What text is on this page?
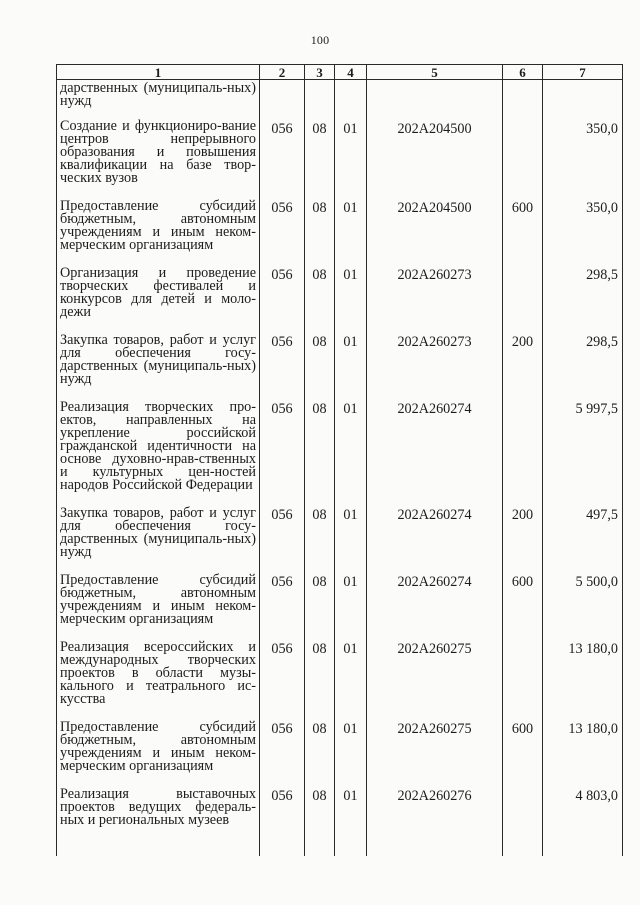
100
1	2	3	4	5	6	7
дарственных (муниципаль-ных) нужд						
Создание и функциониро-вание центров непрерывного образования и повышения квалификации на базе твор-ческих вузов	056	08	01	202A204500		350,0
Предоставление субсидий бюджетным, автономным учреждениям и иным неком-мерческим организациям	056	08	01	202A204500	600	350,0
Организация и проведение творческих фестивалей и конкурсов для детей и моло-дежи	056	08	01	202A260273		298,5
Закупка товаров, работ и услуг для обеспечения госу-дарственных (муниципаль-ных) нужд	056	08	01	202A260273	200	298,5
Реализация творческих про-ектов, направленных на укрепление российской гражданской идентичности на основе духовно-нрав-ственных и культурных цен-ностей народов Российской Федерации	056	08	01	202A260274		5 997,5
Закупка товаров, работ и услуг для обеспечения госу-дарственных (муниципаль-ных) нужд	056	08	01	202A260274	200	497,5
Предоставление субсидий бюджетным, автономным учреждениям и иным неком-мерческим организациям	056	08	01	202A260274	600	5 500,0
Реализация всероссийских и международных творческих проектов в области музы-кального и театрального ис-кусства	056	08	01	202A260275		13 180,0
Предоставление субсидий бюджетным, автономным учреждениям и иным неком-мерческим организациям	056	08	01	202A260275	600	13 180,0
Реализация выставочных проектов ведущих федераль-ных и региональных музеев	056	08	01	202A260276		4 803,0
